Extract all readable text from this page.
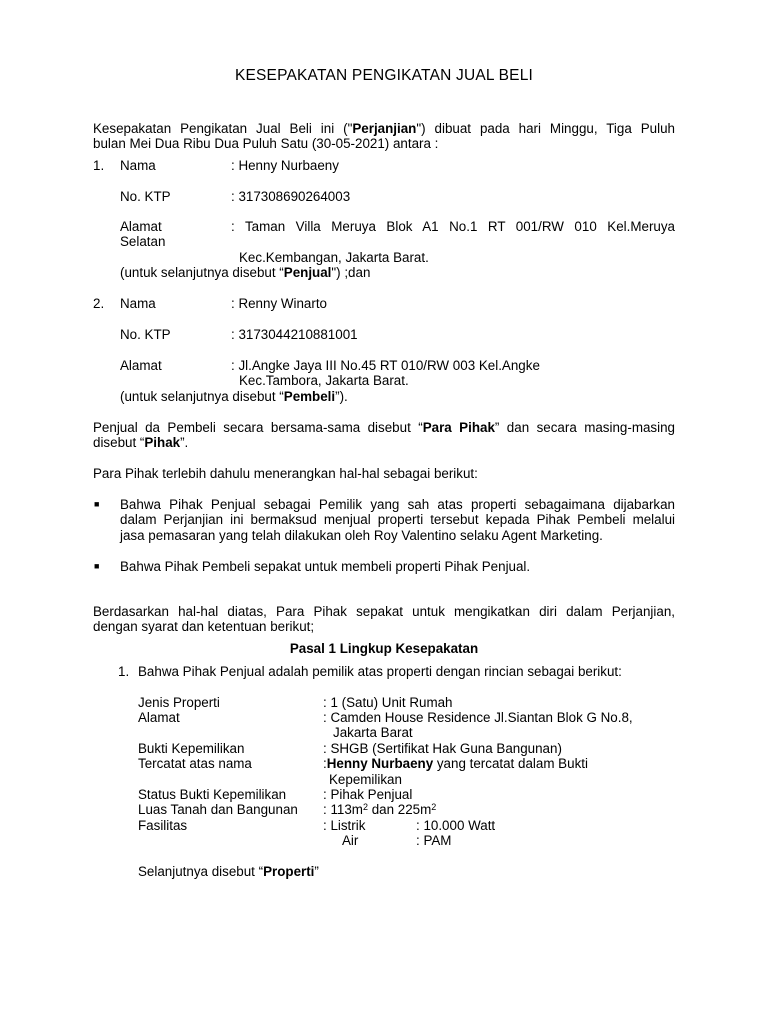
KESEPAKATAN PENGIKATAN JUAL BELI
Kesepakatan Pengikatan Jual Beli ini ("Perjanjian") dibuat pada hari Minggu, Tiga Puluh
bulan Mei Dua Ribu Dua Puluh Satu (30-05-2021) antara :
1. Nama	: Henny Nurbaeny
No. KTP	: 317308690264003
Alamat	: Taman Villa Meruya Blok A1 No.1 RT 001/RW 010 Kel.Meruya
Selatan
Kec.Kembangan, Jakarta Barat.
(untuk selanjutnya disebut “Penjual") ;dan
2. Nama	: Renny Winarto
No. KTP	: 3173044210881001
Alamat	: Jl.Angke Jaya III No.45 RT 010/RW 003 Kel.Angke
Kec.Tambora, Jakarta Barat.
(untuk selanjutnya disebut “Pembeli”).
Penjual da Pembeli secara bersama-sama disebut “Para Pihak” dan secara masing-masing
disebut “Pihak”.
Para Pihak terlebih dahulu menerangkan hal-hal sebagai berikut:
■ Bahwa Pihak Penjual sebagai Pemilik yang sah atas properti sebagaimana dijabarkan
dalam Perjanjian ini bermaksud menjual properti tersebut kepada Pihak Pembeli melalui
jasa pemasaran yang telah dilakukan oleh Roy Valentino selaku Agent Marketing.
■ Bahwa Pihak Pembeli sepakat untuk membeli properti Pihak Penjual.
Berdasarkan hal-hal diatas, Para Pihak sepakat untuk mengikatkan diri dalam Perjanjian,
dengan syarat dan ketentuan berikut;
Pasal 1 Lingkup Kesepakatan
1. Bahwa Pihak Penjual adalah pemilik atas properti dengan rincian sebagai berikut:
Jenis Properti	: 1 (Satu) Unit Rumah
Alamat	: Camden House Residence Jl.Siantan Blok G No.8,
Jakarta Barat
Bukti Kepemilikan	: SHGB (Sertifikat Hak Guna Bangunan)
Tercatat atas nama	:Henny Nurbaeny yang tercatat dalam Bukti
Kepemilikan
Status Bukti Kepemilikan	: Pihak Penjual
Luas Tanah dan Bangunan : $113m^2$ dan $225m^2$
Fasilitas	: Listrik	: 10.000 Watt
Air	: PAM
Selanjutnya disebut “Properti”
